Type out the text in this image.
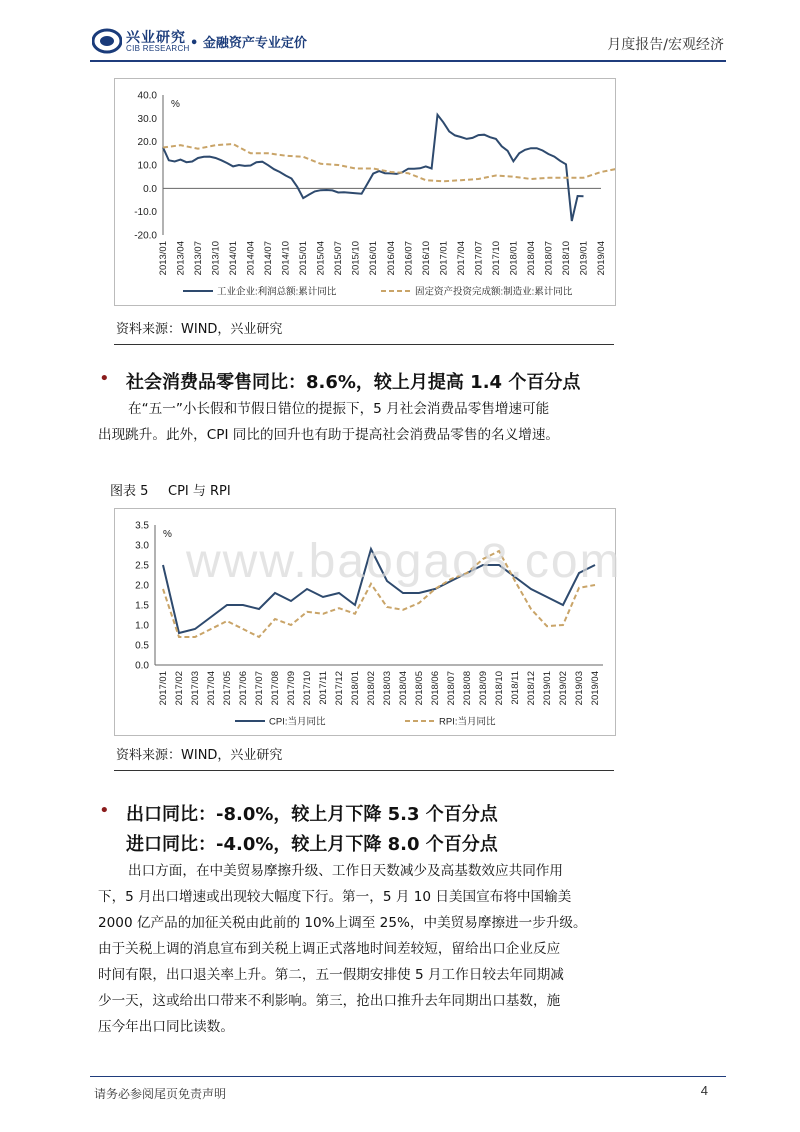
兴业研究
CIB RESEARCH • 金融资产专业定价	月度报告/宏观经济
40.0
30.0
20.0
10.0
0.0
-10.0
-20.0
%
2013/01 2013/04 2013/07 2013/10 2014/01 2014/04 2014/07 2014/10 2015/01 2015/04 2015/07 2015/10 2016/01 2016/04 2016/07 2016/10 2017/01 2017/04 2017/07 2017/10 2018/01 2018/04 2018/07 2018/10 2019/01 2019/04
工业企业:利润总额:累计同比	固定资产投资完成额:制造业:累计同比
资料来源：WIND，兴业研究
• 社会消费品零售同比：8.6%，较上月提高 1.4 个百分点
在“五一”小长假和节假日错位的提振下，5 月社会消费品零售增速可能
出现跳升。此外，CPI 同比的回升也有助于提高社会消费品零售的名义增速。
图表 5 CPI 与 RPI
3.5
3.0
2.5
2.0
1.5
1.0
0.5
0.0
%
2017/01 2017/02 2017/03 2017/04 2017/05 2017/06 2017/07 2017/08 2017/09 2017/10 2017/11 2017/12 2018/01 2018/02 2018/03 2018/04 2018/05 2018/06 2018/07 2018/08 2018/09 2018/10 2018/11 2018/12 2019/01 2019/02 2019/03 2019/04
CPI:当月同比	RPI:当月同比
www.baogao8.com
资料来源：WIND，兴业研究
• 出口同比：-8.0%，较上月下降 5.3 个百分点
进口同比：-4.0%，较上月下降 8.0 个百分点
出口方面，在中美贸易摩擦升级、工作日天数减少及高基数效应共同作用
下，5 月出口增速或出现较大幅度下行。第一，5 月 10 日美国宣布将中国输美
2000 亿产品的加征关税由此前的 10%上调至 25%，中美贸易摩擦进一步升级。
由于关税上调的消息宣布到关税上调正式落地时间差较短，留给出口企业反应
时间有限，出口退关率上升。第二，五一假期安排使 5 月工作日较去年同期减
少一天，这或给出口带来不利影响。第三，抢出口推升去年同期出口基数，施
压今年出口同比读数。
请务必参阅尾页免责声明	4
